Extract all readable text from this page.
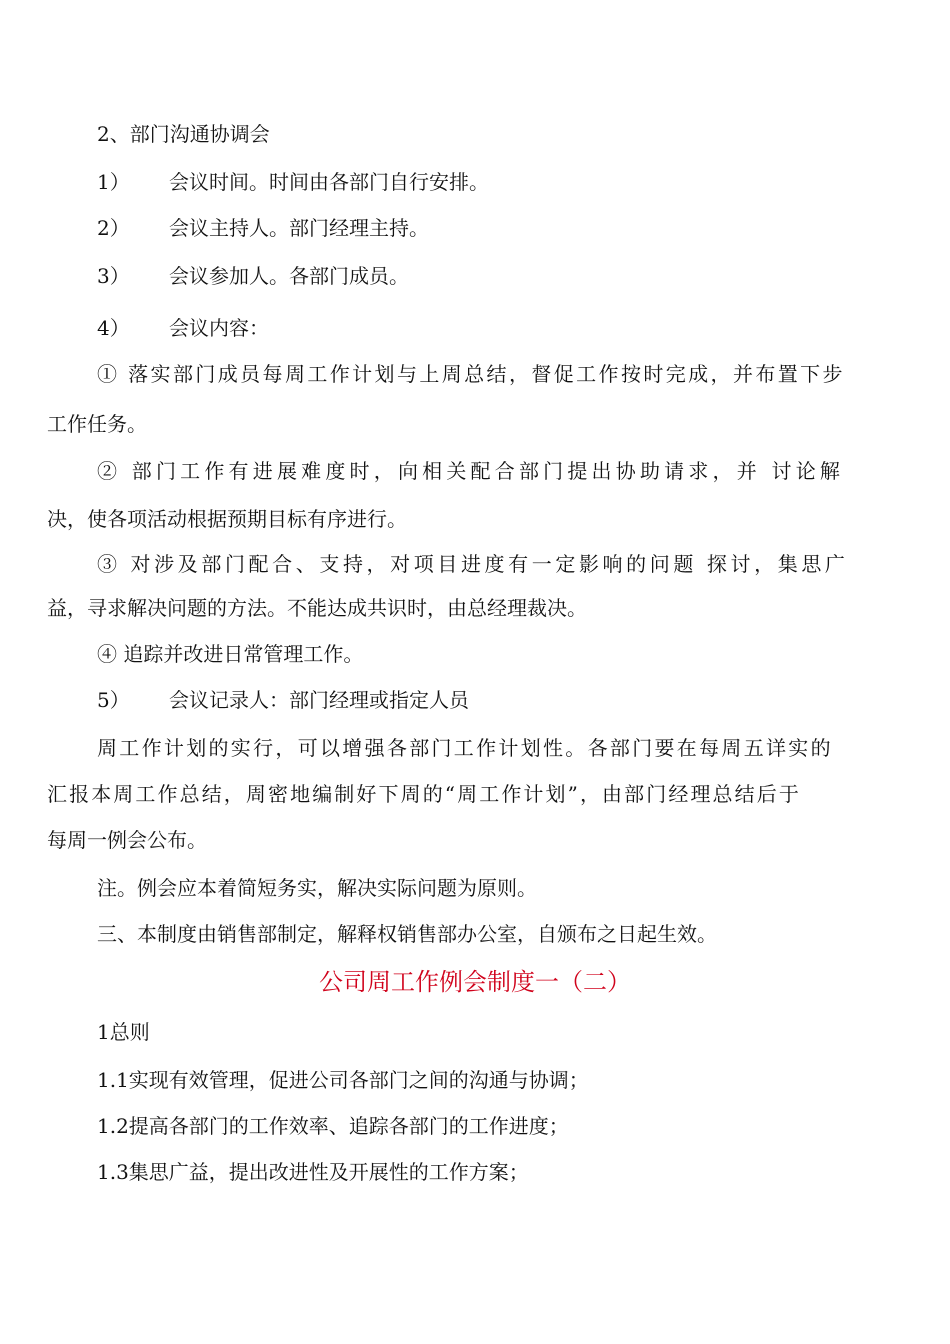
2、部门沟通协调会

1） 会议时间。时间由各部门自行安排。

2） 会议主持人。部门经理主持。

3） 会议参加人。各部门成员。

4） 会议内容：

① 落实部门成员每周工作计划与上周总结，督促工作按时完成，并布置下步

工作任务。

② 部门工作有进展难度时，向相关配合部门提出协助请求，并 讨论解

决，使各项活动根据预期目标有序进行。

③ 对涉及部门配合、支持，对项目进度有一定影响的问题 探讨，集思广

益，寻求解决问题的方法。不能达成共识时，由总经理裁决。

④ 追踪并改进日常管理工作。

5） 会议记录人：部门经理或指定人员

周工作计划的实行，可以增强各部门工作计划性。各部门要在每周五详实的

汇报本周工作总结，周密地编制好下周的“周工作计划”，由部门经理总结后于

每周一例会公布。

注。例会应本着简短务实，解决实际问题为原则。

三、本制度由销售部制定，解释权销售部办公室，自颁布之日起生效。

公司周工作例会制度一（二）

1总则

1.1实现有效管理，促进公司各部门之间的沟通与协调；

1.2提高各部门的工作效率、追踪各部门的工作进度；

1.3集思广益，提出改进性及开展性的工作方案；
